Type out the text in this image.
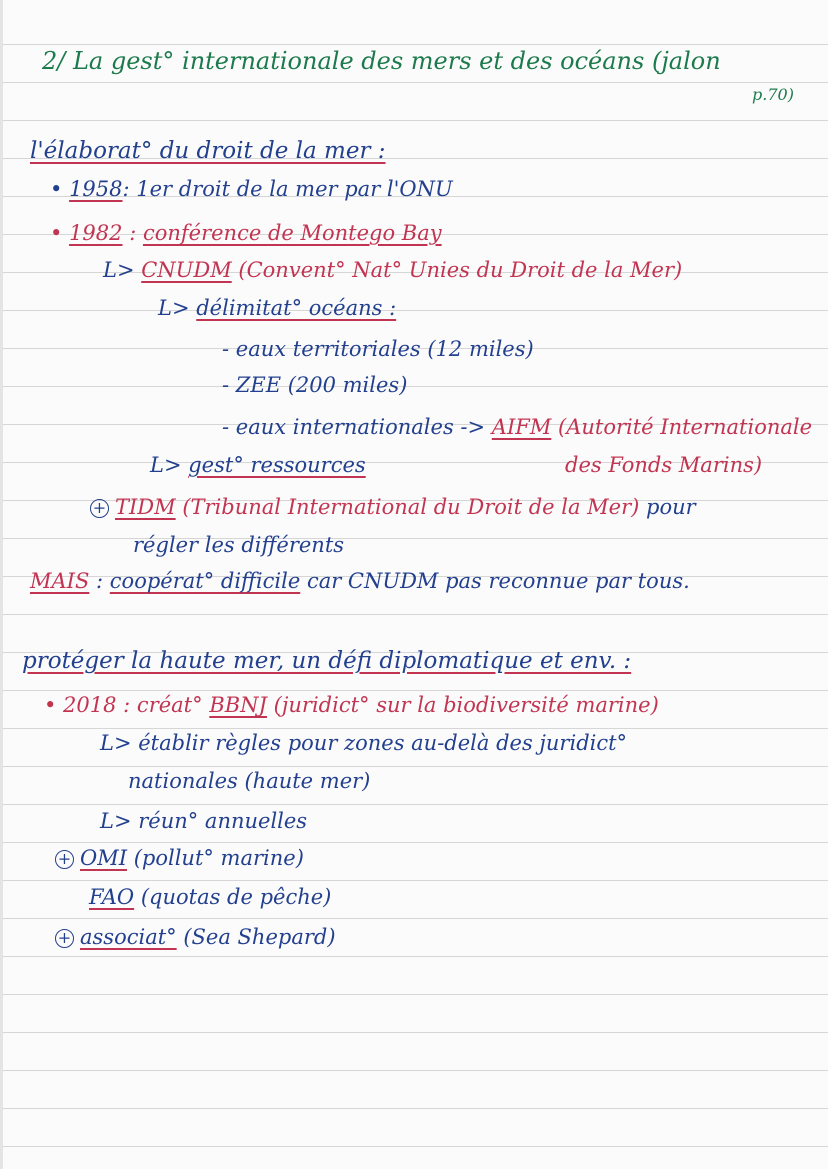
2/ La gest° internationale des mers et des océans (jalon
p.70)
l'élaborat° du droit de la mer :
• 1958: 1er droit de la mer par l'ONU
• 1982 : conférence de Montego Bay
L> CNUDM (Convent° Nat° Unies du Droit de la Mer)
L> délimitat° océans :
- eaux territoriales (12 miles)
- ZEE (200 miles)
- eaux internationales -> AIFM (Autorité Internationale
L> gest° ressources	des Fonds Marins)
+ TIDM (Tribunal International du Droit de la Mer) pour
régler les différents
MAIS : coopérat° difficile car CNUDM pas reconnue par tous.
protéger la haute mer, un défi diplomatique et env. :
• 2018 : créat° BBNJ (juridict° sur la biodiversité marine)
L> établir règles pour zones au-delà des juridict°
nationales (haute mer)
L> réun° annuelles
+ OMI (pollut° marine)
FAO (quotas de pêche)
+ associat° (Sea Shepard)
